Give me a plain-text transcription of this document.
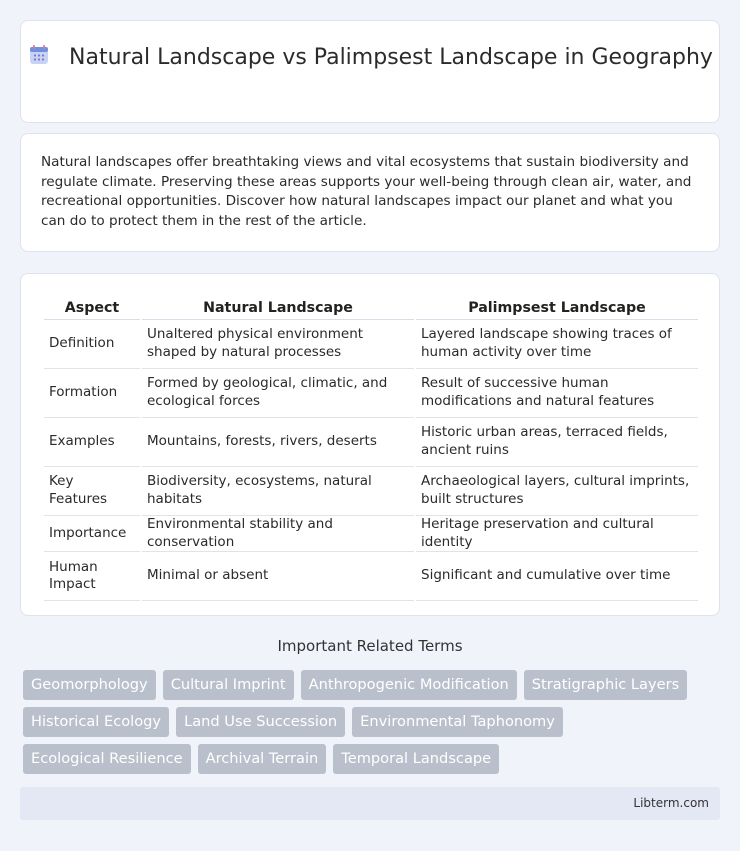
Natural Landscape vs Palimpsest Landscape in Geography

Natural landscapes offer breathtaking views and vital ecosystems that sustain biodiversity and regulate climate. Preserving these areas supports your well-being through clean air, water, and recreational opportunities. Discover how natural landscapes impact our planet and what you can do to protect them in the rest of the article.

Aspect	Natural Landscape	Palimpsest Landscape
Definition	Unaltered physical environment shaped by natural processes	Layered landscape showing traces of human activity over time
Formation	Formed by geological, climatic, and ecological forces	Result of successive human modifications and natural features
Examples	Mountains, forests, rivers, deserts	Historic urban areas, terraced fields, ancient ruins
Key Features	Biodiversity, ecosystems, natural habitats	Archaeological layers, cultural imprints, built structures
Importance	Environmental stability and conservation	Heritage preservation and cultural identity
Human Impact	Minimal or absent	Significant and cumulative over time
Important Related Terms
Geomorphology	Cultural Imprint	Anthropogenic Modification	Stratigraphic Layers
Historical Ecology	Land Use Succession	Environmental Taphonomy
Ecological Resilience	Archival Terrain	Temporal Landscape
Libterm.com
